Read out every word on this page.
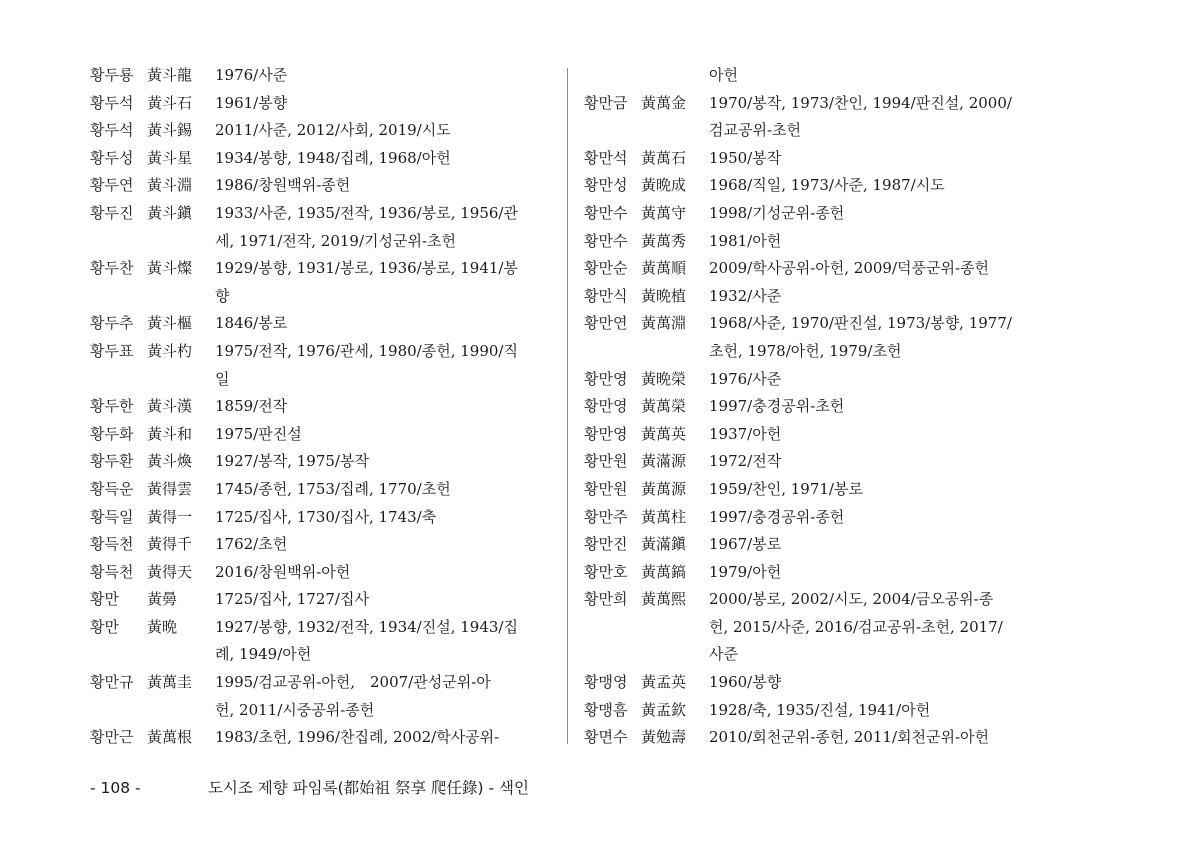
황두룡 黃斗龍	1976/사준
황두석 黃斗石	1961/봉향
황두석 黃斗錫	2011/사준, 2012/사회, 2019/시도
황두성 黃斗星	1934/봉향, 1948/집례, 1968/아헌
황두연 黃斗淵	1986/창원백위-종헌
황두진 黃斗鎭	1933/사준, 1935/전작, 1936/봉로, 1956/관
세, 1971/전작, 2019/기성군위-초헌
황두찬 黃斗燦	1929/봉향, 1931/봉로, 1936/봉로, 1941/봉
향
황두추 黃斗樞	1846/봉로
황두표 黃斗杓	1975/전작, 1976/관세, 1980/종헌, 1990/직
일
황두한 黃斗漢	1859/전작
황두화 黃斗和	1975/판진설
황두환 黃斗煥	1927/봉작, 1975/봉작
황득운 黃得雲	1745/종헌, 1753/집례, 1770/초헌
황득일 黃得一	1725/집사, 1730/집사, 1743/축
황득천 黃得千	1762/초헌
황득천 黃得天	2016/창원백위-아헌
황만	黃㬅	1725/집사, 1727/집사
황만	黃晩	1927/봉향, 1932/전작, 1934/진설, 1943/집
례, 1949/아헌
황만규 黃萬圭	1995/검교공위-아헌,　2007/관성군위-아
헌, 2011/시중공위-종헌
황만근 黃萬根	1983/초헌, 1996/찬집례, 2002/학사공위-
아헌
황만금 黃萬金	1970/봉작, 1973/찬인, 1994/판진설, 2000/
검교공위-초헌
황만석 黃萬石	1950/봉작
황만성 黃晩成	1968/직일, 1973/사준, 1987/시도
황만수 黃萬守	1998/기성군위-종헌
황만수 黃萬秀	1981/아헌
황만순 黃萬順	2009/학사공위-아헌, 2009/덕풍군위-종헌
황만식 黃晩植	1932/사준
황만연 黃萬淵	1968/사준, 1970/판진설, 1973/봉향, 1977/
초헌, 1978/아헌, 1979/초헌
황만영 黃晩榮	1976/사준
황만영 黃萬榮	1997/충경공위-초헌
황만영 黃萬英	1937/아헌
황만원 黃滿源	1972/전작
황만원 黃萬源	1959/찬인, 1971/봉로
황만주 黃萬柱	1997/충경공위-종헌
황만진 黃滿鎭	1967/봉로
황만호 黃萬鎬	1979/아헌
황만희 黃萬熙	2000/봉로, 2002/시도, 2004/금오공위-종
헌, 2015/사준, 2016/검교공위-초헌, 2017/
사준
황맹영 黃孟英	1960/봉향
황맹흠 黃孟欽	1928/축, 1935/진설, 1941/아헌
황면수 黃勉壽	2010/회천군위-종헌, 2011/회천군위-아헌
- 108 -	도시조 제향 파임록(都始祖 祭享 爬任錄) - 색인
